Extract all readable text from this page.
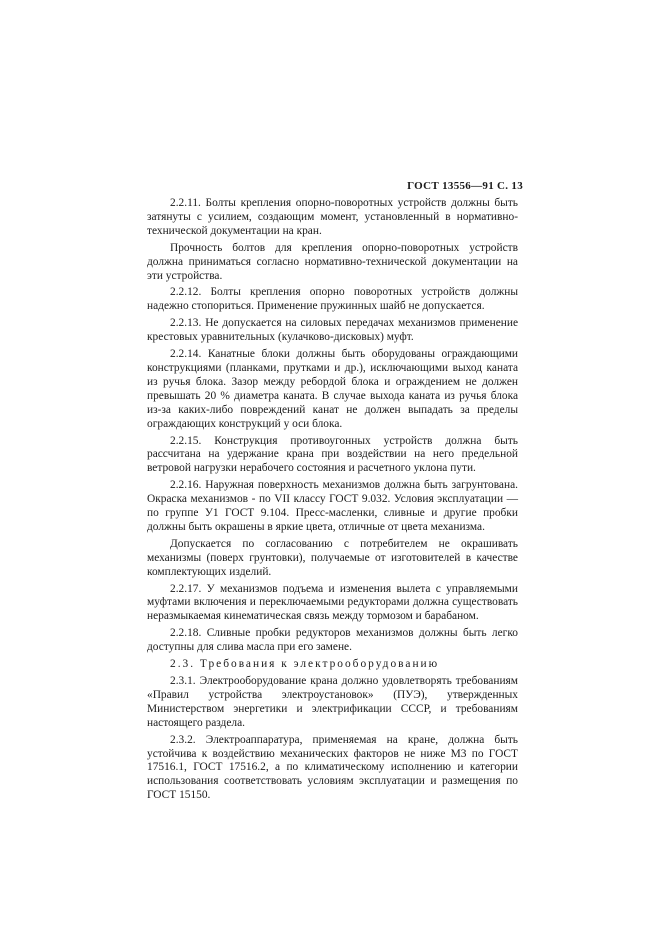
ГОСТ 13556—91 С. 13

2.2.11. Болты крепления опорно-поворотных устройств должны быть затянуты с усилием, создающим момент, установленный в нормативно-технической документации на кран.

Прочность болтов для крепления опорно-поворотных устройств должна приниматься согласно нормативно-технической документации на эти устройства.

2.2.12. Болты крепления опорно поворотных устройств должны надежно стопориться. Применение пружинных шайб не допускается.

2.2.13. Не допускается на силовых передачах механизмов применение крестовых уравнительных (кулачково-дисковых) муфт.

2.2.14. Канатные блоки должны быть оборудованы ограждающими конструкциями (планками, прутками и др.), исключающими выход каната из ручья блока. Зазор между ребордой блока и ограждением не должен превышать 20 % диаметра каната. В случае выхода каната из ручья блока из-за каких-либо повреждений канат не должен выпадать за пределы ограждающих конструкций у оси блока.

2.2.15. Конструкция противоугонных устройств должна быть рассчитана на удержание крана при воздействии на него предельной ветровой нагрузки нерабочего состояния и расчетного уклона пути.

2.2.16. Наружная поверхность механизмов должна быть загрунтована. Окраска механизмов - по VII классу ГОСТ 9.032. Условия эксплуатации — по группе У1 ГОСТ 9.104. Пресс-масленки, сливные и другие пробки должны быть окрашены в яркие цвета, отличные от цвета механизма.

Допускается по согласованию с потребителем не окрашивать механизмы (поверх грунтовки), получаемые от изготовителей в качестве комплектующих изделий.

2.2.17. У механизмов подъема и изменения вылета с управляемыми муфтами включения и переключаемыми редукторами должна существовать неразмыкаемая кинематическая связь между тормозом и барабаном.

2.2.18. Сливные пробки редукторов механизмов должны быть легко доступны для слива масла при его замене.

2.3. Требования к электрооборудованию

2.3.1. Электрооборудование крана должно удовлетворять требованиям «Правил устройства электроустановок» (ПУЭ), утвержденных Министерством энергетики и электрификации СССР, и требованиям настоящего раздела.

2.3.2. Электроаппаратура, применяемая на кране, должна быть устойчива к воздействию механических факторов не ниже М3 по ГОСТ 17516.1, ГОСТ 17516.2, а по климатическому исполнению и категории использования соответствовать условиям эксплуатации и размещения по ГОСТ 15150.
